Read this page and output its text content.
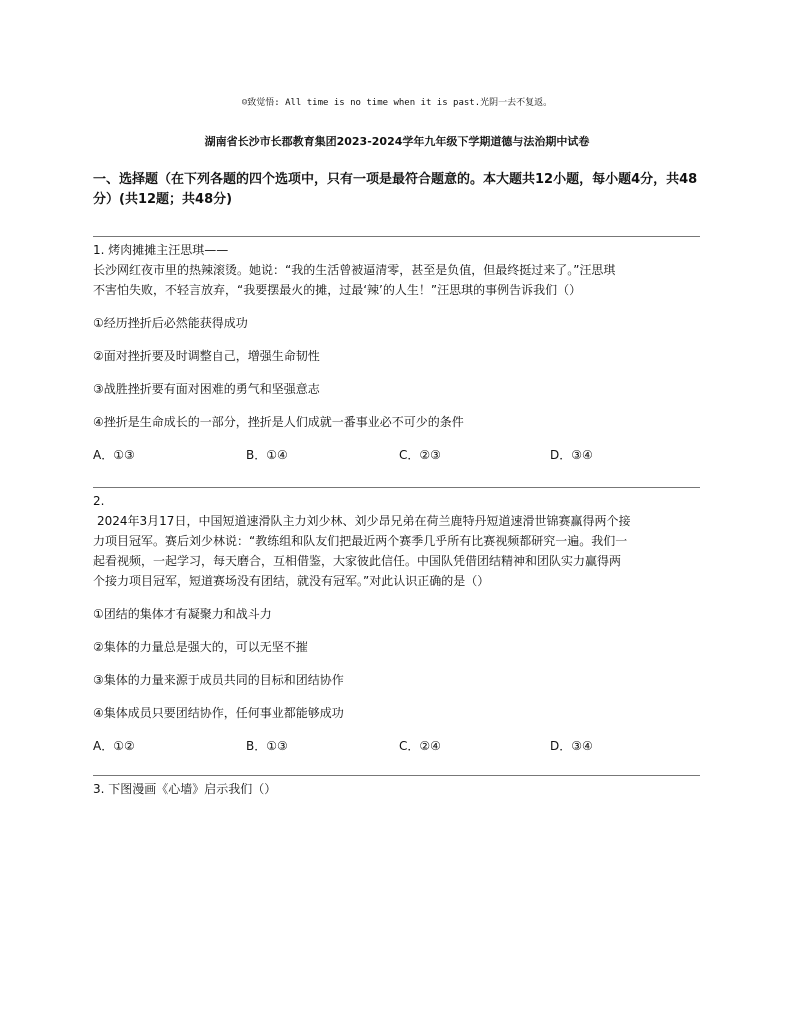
☺致觉悟: All time is no time when it is past.光阴一去不复返。
湖南省长沙市长郡教育集团2023-2024学年九年级下学期道德与法治期中试卷
一、选择题（在下列各题的四个选项中，只有一项是最符合题意的。本大题共12小题，每小题4分，共48分）(共12题；共48分)
1. 烤肉摊摊主汪思琪——
长沙网红夜市里的热辣滚烫。她说：“我的生活曾被逼清零，甚至是负值，但最终挺过来了。”汪思琪
不害怕失败，不轻言放弃，“我要摆最火的摊，过最‘辣’的人生！”汪思琪的事例告诉我们（）
①经历挫折后必然能获得成功
②面对挫折要及时调整自己，增强生命韧性
③战胜挫折要有面对困难的勇气和坚强意志
④挫折是生命成长的一部分，挫折是人们成就一番事业必不可少的条件
A．①③	B．①④	C．②③	D．③④
2.
2024年3月17日，中国短道速滑队主力刘少林、刘少昂兄弟在荷兰鹿特丹短道速滑世锦赛赢得两个接
力项目冠军。赛后刘少林说：“教练组和队友们把最近两个赛季几乎所有比赛视频都研究一遍。我们一
起看视频，一起学习，每天磨合，互相借鉴，大家彼此信任。中国队凭借团结精神和团队实力赢得两
个接力项目冠军，短道赛场没有团结，就没有冠军。”对此认识正确的是（）
①团结的集体才有凝聚力和战斗力
②集体的力量总是强大的，可以无坚不摧
③集体的力量来源于成员共同的目标和团结协作
④集体成员只要团结协作，任何事业都能够成功
A．①②	B．①③	C．②④	D．③④
3. 下图漫画《心墙》启示我们（）
